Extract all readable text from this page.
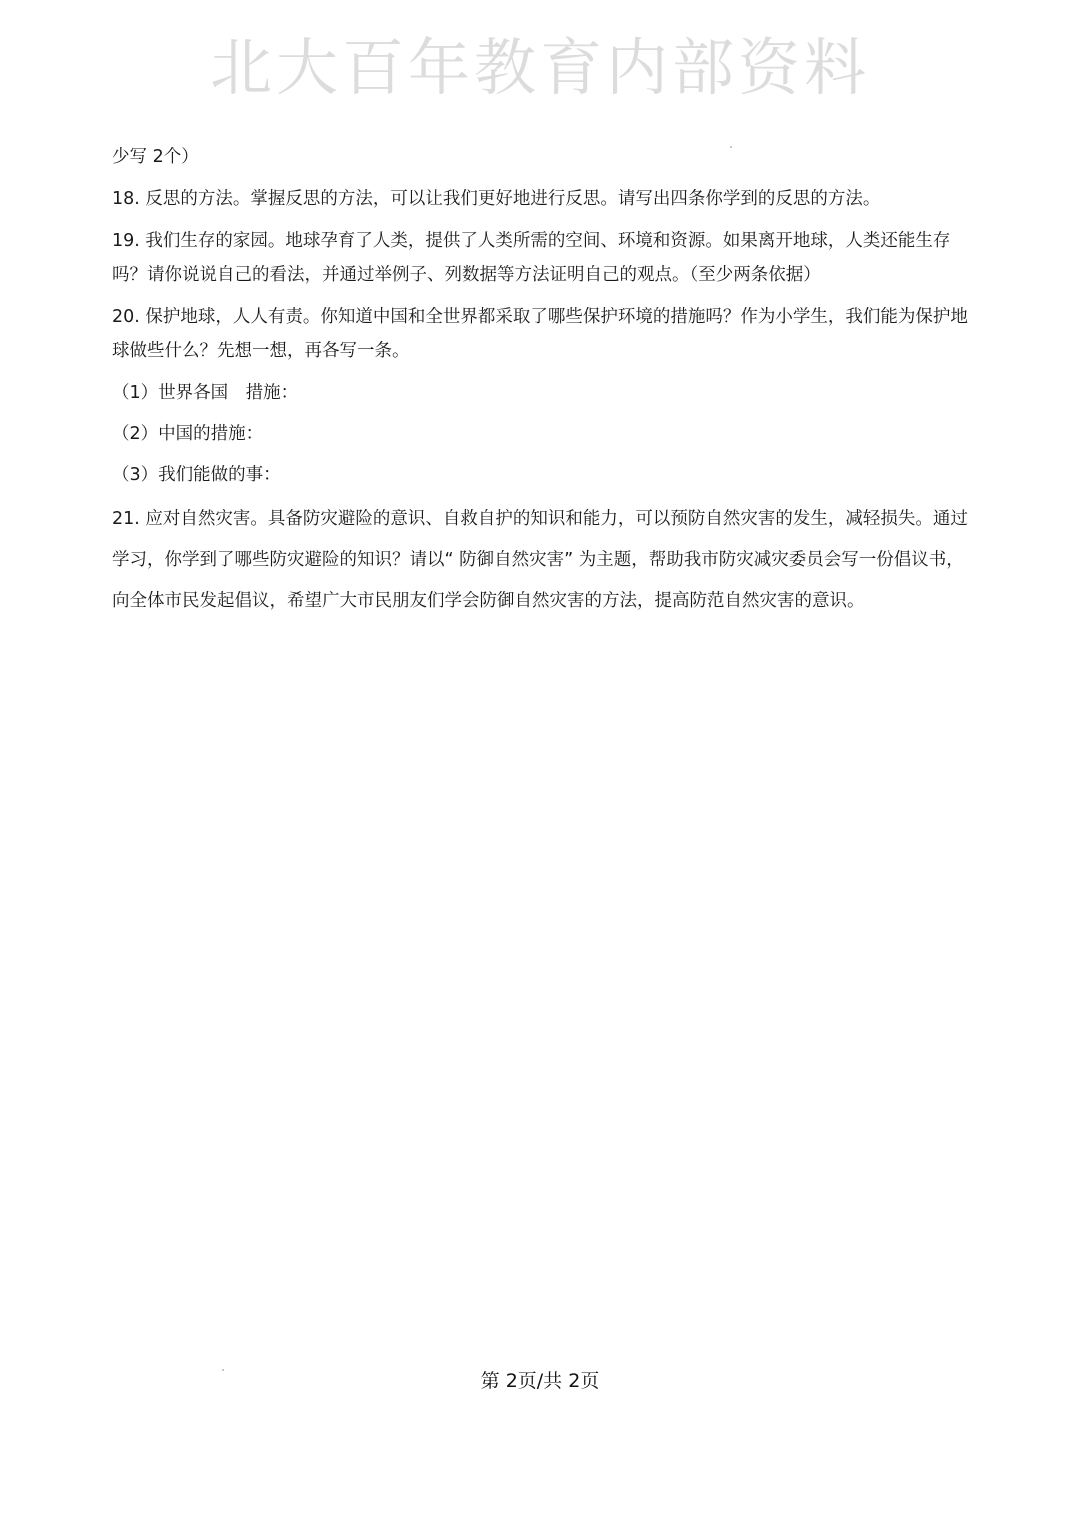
北大百年教育内部资料

少写 2个）

18. 反思的方法。掌握反思的方法，可以让我们更好地进行反思。请写出四条你学到的反思的方法。

19. 我们生存的家园。地球孕育了人类，提供了人类所需的空间、环境和资源。如果离开地球，人类还能生存吗？请你说说自己的看法，并通过举例子、列数据等方法证明自己的观点。（至少两条依据）

20. 保护地球，人人有责。你知道中国和全世界都采取了哪些保护环境的措施吗？作为小学生，我们能为保护地球做些什么？先想一想，再各写一条。

（1）世界各国　措施：

（2）中国的措施：

（3）我们能做的事：

21. 应对自然灾害。具备防灾避险的意识、自救自护的知识和能力，可以预防自然灾害的发生，减轻损失。通过学习，你学到了哪些防灾避险的知识？请以“ 防御自然灾害” 为主题，帮助我市防灾减灾委员会写一份倡议书，向全体市民发起倡议，希望广大市民朋友们学会防御自然灾害的方法，提高防范自然灾害的意识。

第 2页/共 2页
